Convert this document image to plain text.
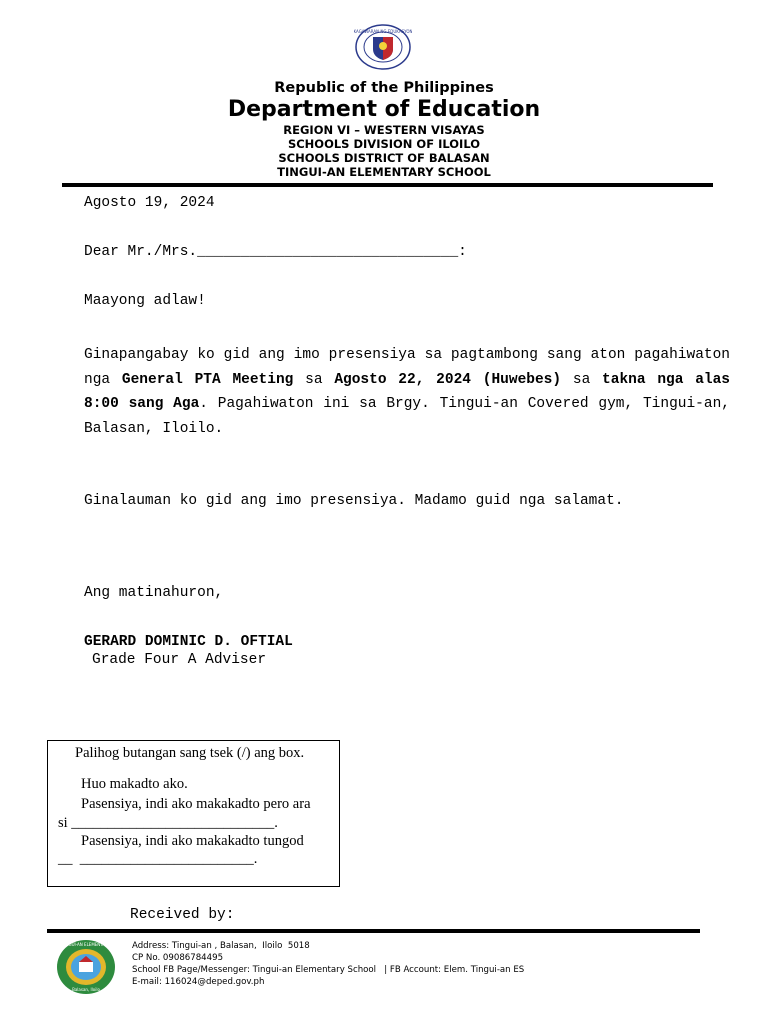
KAGAWARAN NG EDUKASYON
Republic of the Philippines
Department of Education
REGION VI – WESTERN VISAYAS
SCHOOLS DIVISION OF ILOILO
SCHOOLS DISTRICT OF BALASAN
TINGUI-AN ELEMENTARY SCHOOL
Agosto 19, 2024
Dear Mr./Mrs.______________________________:
Maayong adlaw!
Ginapangabay ko gid ang imo presensiya sa pagtambong sang aton pagahiwaton nga General PTA Meeting sa Agosto 22, 2024 (Huwebes) sa takna nga alas 8:00 sang Aga. Pagahiwaton ini sa Brgy. Tingui-an Covered gym, Tingui-an, Balasan, Iloilo.
Ginalauman ko gid ang imo presensiya. Madamo guid nga salamat.
Ang matinahuron,
GERARD DOMINIC D. OFTIAL
Grade Four A Adviser
Palihog butangan sang tsek (/) ang box.
Huo makadto ako.
Pasensiya, indi ako makakadto pero ara
si ____________________________.
Pasensiya, indi ako makakadto tungod
__  ________________________.
Received by:
TINGUI-AN ELEMENTARY
Balasan, Iloilo
Address: Tingui-an , Balasan,  Iloilo  5018
CP No. 09086784495
School FB Page/Messenger: Tingui-an Elementary School   | FB Account: Elem. Tingui-an ES
E-mail: 116024@deped.gov.ph
